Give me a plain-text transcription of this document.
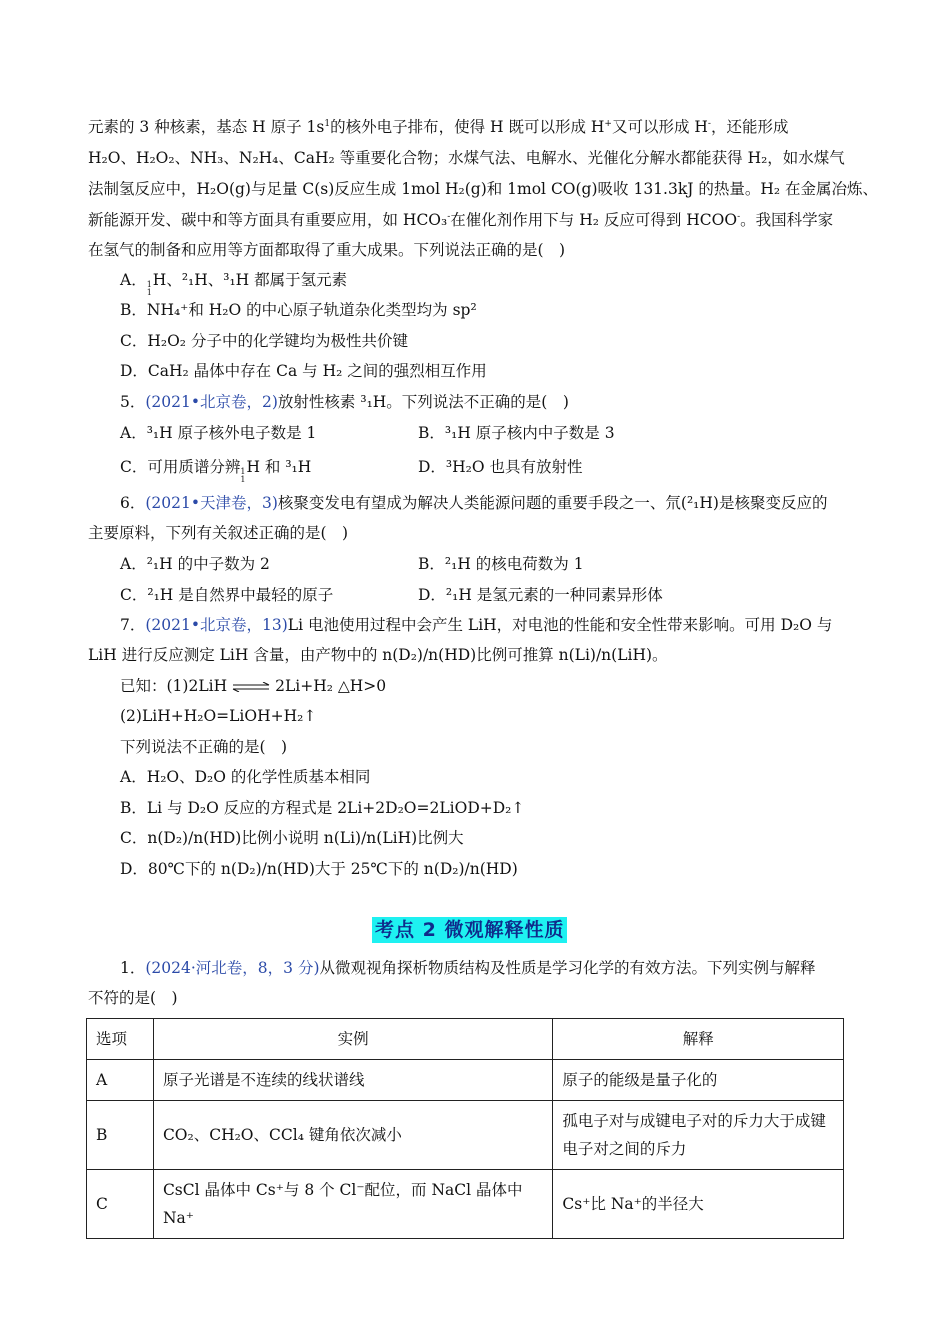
元素的 3 种核素，基态 H 原子 $1s^1$的核外电子排布，使得 H 既可以形成 H+又可以形成 H-，还能形成
H₂O、H₂O₂、NH₃、N₂H₄、CaH₂ 等重要化合物；水煤气法、电解水、光催化分解水都能获得 H₂，如水煤气
法制氢反应中，H₂O(g)与足量 C(s)反应生成 1mol H₂(g)和 1mol CO(g)吸收 131.3kJ 的热量。H₂ 在金属冶炼、
新能源开发、碳中和等方面具有重要应用，如 HCO₃-在催化剂作用下与 H₂ 反应可得到 HCOO-。我国科学家
在氢气的制备和应用等方面都取得了重大成果。下列说法正确的是(　)
A． 1
1
H、²₁H、³₁H 都属于氢元素
B．NH₄⁺和 H₂O 的中心原子轨道杂化类型均为 sp²
C．H₂O₂ 分子中的化学键均为极性共价键
D．CaH₂ 晶体中存在 Ca 与 H₂ 之间的强烈相互作用
5．(2021•北京卷，2)放射性核素 ³₁H。下列说法不正确的是(　)
A．³₁H 原子核外电子数是 1	B．³₁H 原子核内中子数是 3
C．可用质谱分辨 1
1
H 和 ³₁H	D．³H₂O 也具有放射性
6．(2021•天津卷，3)核聚变发电有望成为解决人类能源问题的重要手段之一、氘(²₁H)是核聚变反应的
主要原料，下列有关叙述正确的是(　)
A．²₁H 的中子数为 2	B．²₁H 的核电荷数为 1
C．²₁H 是自然界中最轻的原子	D．²₁H 是氢元素的一种同素异形体
7．(2021•北京卷，13)Li 电池使用过程中会产生 LiH，对电池的性能和安全性带来影响。可用 D₂O 与
LiH 进行反应测定 LiH 含量，由产物中的 n(D₂)/n(HD)比例可推算 n(Li)/n(LiH)。
已知：(1)2LiH ⇌ 2Li+H₂ △H>0
(2)LiH+H₂O=LiOH+H₂↑
下列说法不正确的是(　)
A．H₂O、D₂O 的化学性质基本相同
B．Li 与 D₂O 反应的方程式是 2Li+2D₂O=2LiOD+D₂↑
C．n(D₂)/n(HD)比例小说明 n(Li)/n(LiH)比例大
D．80℃下的 n(D₂)/n(HD)大于 25℃下的 n(D₂)/n(HD)
考点 2 微观解释性质
1．(2024·河北卷，8，3 分)从微观视角探析物质结构及性质是学习化学的有效方法。下列实例与解释
不符的是(　)
选项	实例	解释
A	原子光谱是不连续的线状谱线	原子的能级是量子化的
B	CO₂、CH₂O、CCl₄ 键角依次减小	孤电子对与成键电子对的斥力大于成键电子对之间的斥力
C	CsCl 晶体中 Cs⁺与 8 个 Cl⁻配位，而 NaCl 晶体中 Na⁺	Cs⁺比 Na⁺的半径大
